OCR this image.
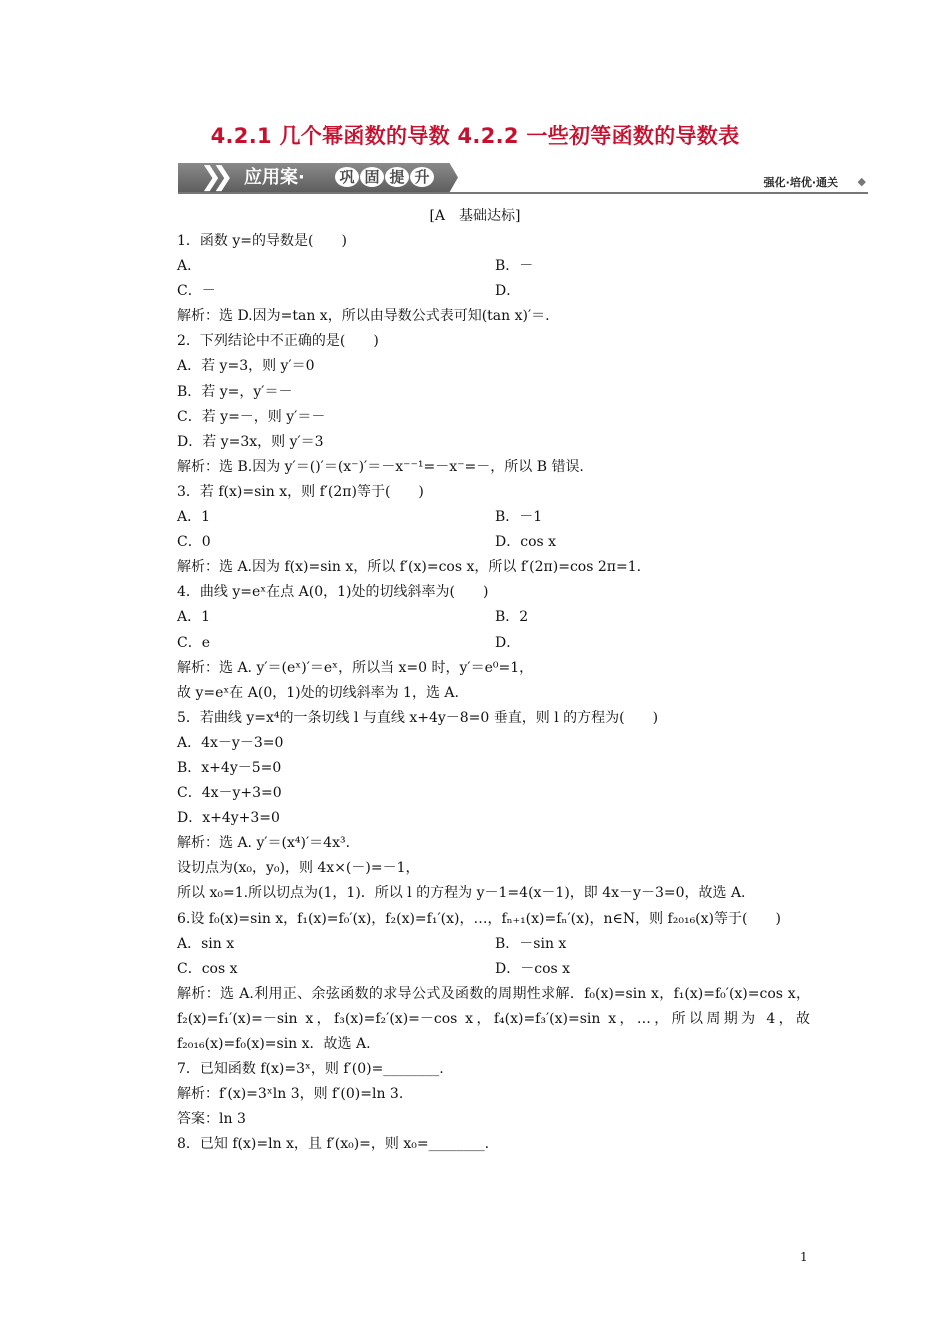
4.2.1 几个幂函数的导数 4.2.2 一些初等函数的导数表
❯❯ 应用案· 巩 固 提 升	强化·培优·通关 ◆
[A　基础达标]
1．函数 y=的导数是(　　)
A．	B．－
C．－	D．
解析：选 D.因为=tan x，所以由导数公式表可知(tan x)′＝.
2．下列结论中不正确的是(　　)
A．若 y=3，则 y′＝0
B．若 y=，y′＝－
C．若 y=－，则 y′＝－
D．若 y=3x，则 y′＝3
解析：选 B.因为 y′＝()′＝(x⁻)′＝－x⁻⁻¹=－x⁻=－，所以 B 错误.
3．若 f(x)=sin x，则 f′(2π)等于(　　)
A．1	B．－1
C．0	D．cos x
解析：选 A.因为 f(x)=sin x，所以 f′(x)=cos x，所以 f′(2π)=cos 2π=1.
4．曲线 y=eˣ在点 A(0，1)处的切线斜率为(　　)
A．1	B．2
C．e	D．
解析：选 A. y′＝(eˣ)′＝eˣ，所以当 x=0 时，y′＝e⁰=1，
故 y=eˣ在 A(0，1)处的切线斜率为 1，选 A.
5．若曲线 y=x⁴的一条切线 l 与直线 x+4y－8=0 垂直，则 l 的方程为(　　)
A．4x－y－3=0
B．x+4y－5=0
C．4x－y+3=0
D．x+4y+3=0
解析：选 A. y′＝(x⁴)′＝4x³.
设切点为(x₀，y₀)，则 4x×(－)=－1，
所以 x₀=1.所以切点为(1，1)．所以 l 的方程为 y－1=4(x－1)，即 4x－y－3=0，故选 A.
6.设 f₀(x)=sin x，f₁(x)=f₀′(x)，f₂(x)=f₁′(x)，…，fₙ₊₁(x)=fₙ′(x)，n∈N，则 f₂₀₁₆(x)等于(　　)
A．sin x	B．－sin x
C．cos x	D．－cos x
解析：选 A.利用正、余弦函数的求导公式及函数的周期性求解．f₀(x)=sin x，f₁(x)=f₀′(x)=cos x，f₂(x)=f₁′(x)=－sin x，f₃(x)=f₂′(x)=－cos x，f₄(x)=f₃′(x)=sin x，…，所以周期为 4，故 f₂₀₁₆(x)=f₀(x)=sin x．故选 A.
7．已知函数 f(x)=3ˣ，则 f′(0)=________.
解析：f′(x)=3ˣln 3，则 f′(0)=ln 3.
答案：ln 3
8．已知 f(x)=ln x，且 f′(x₀)=，则 x₀=________.
1
